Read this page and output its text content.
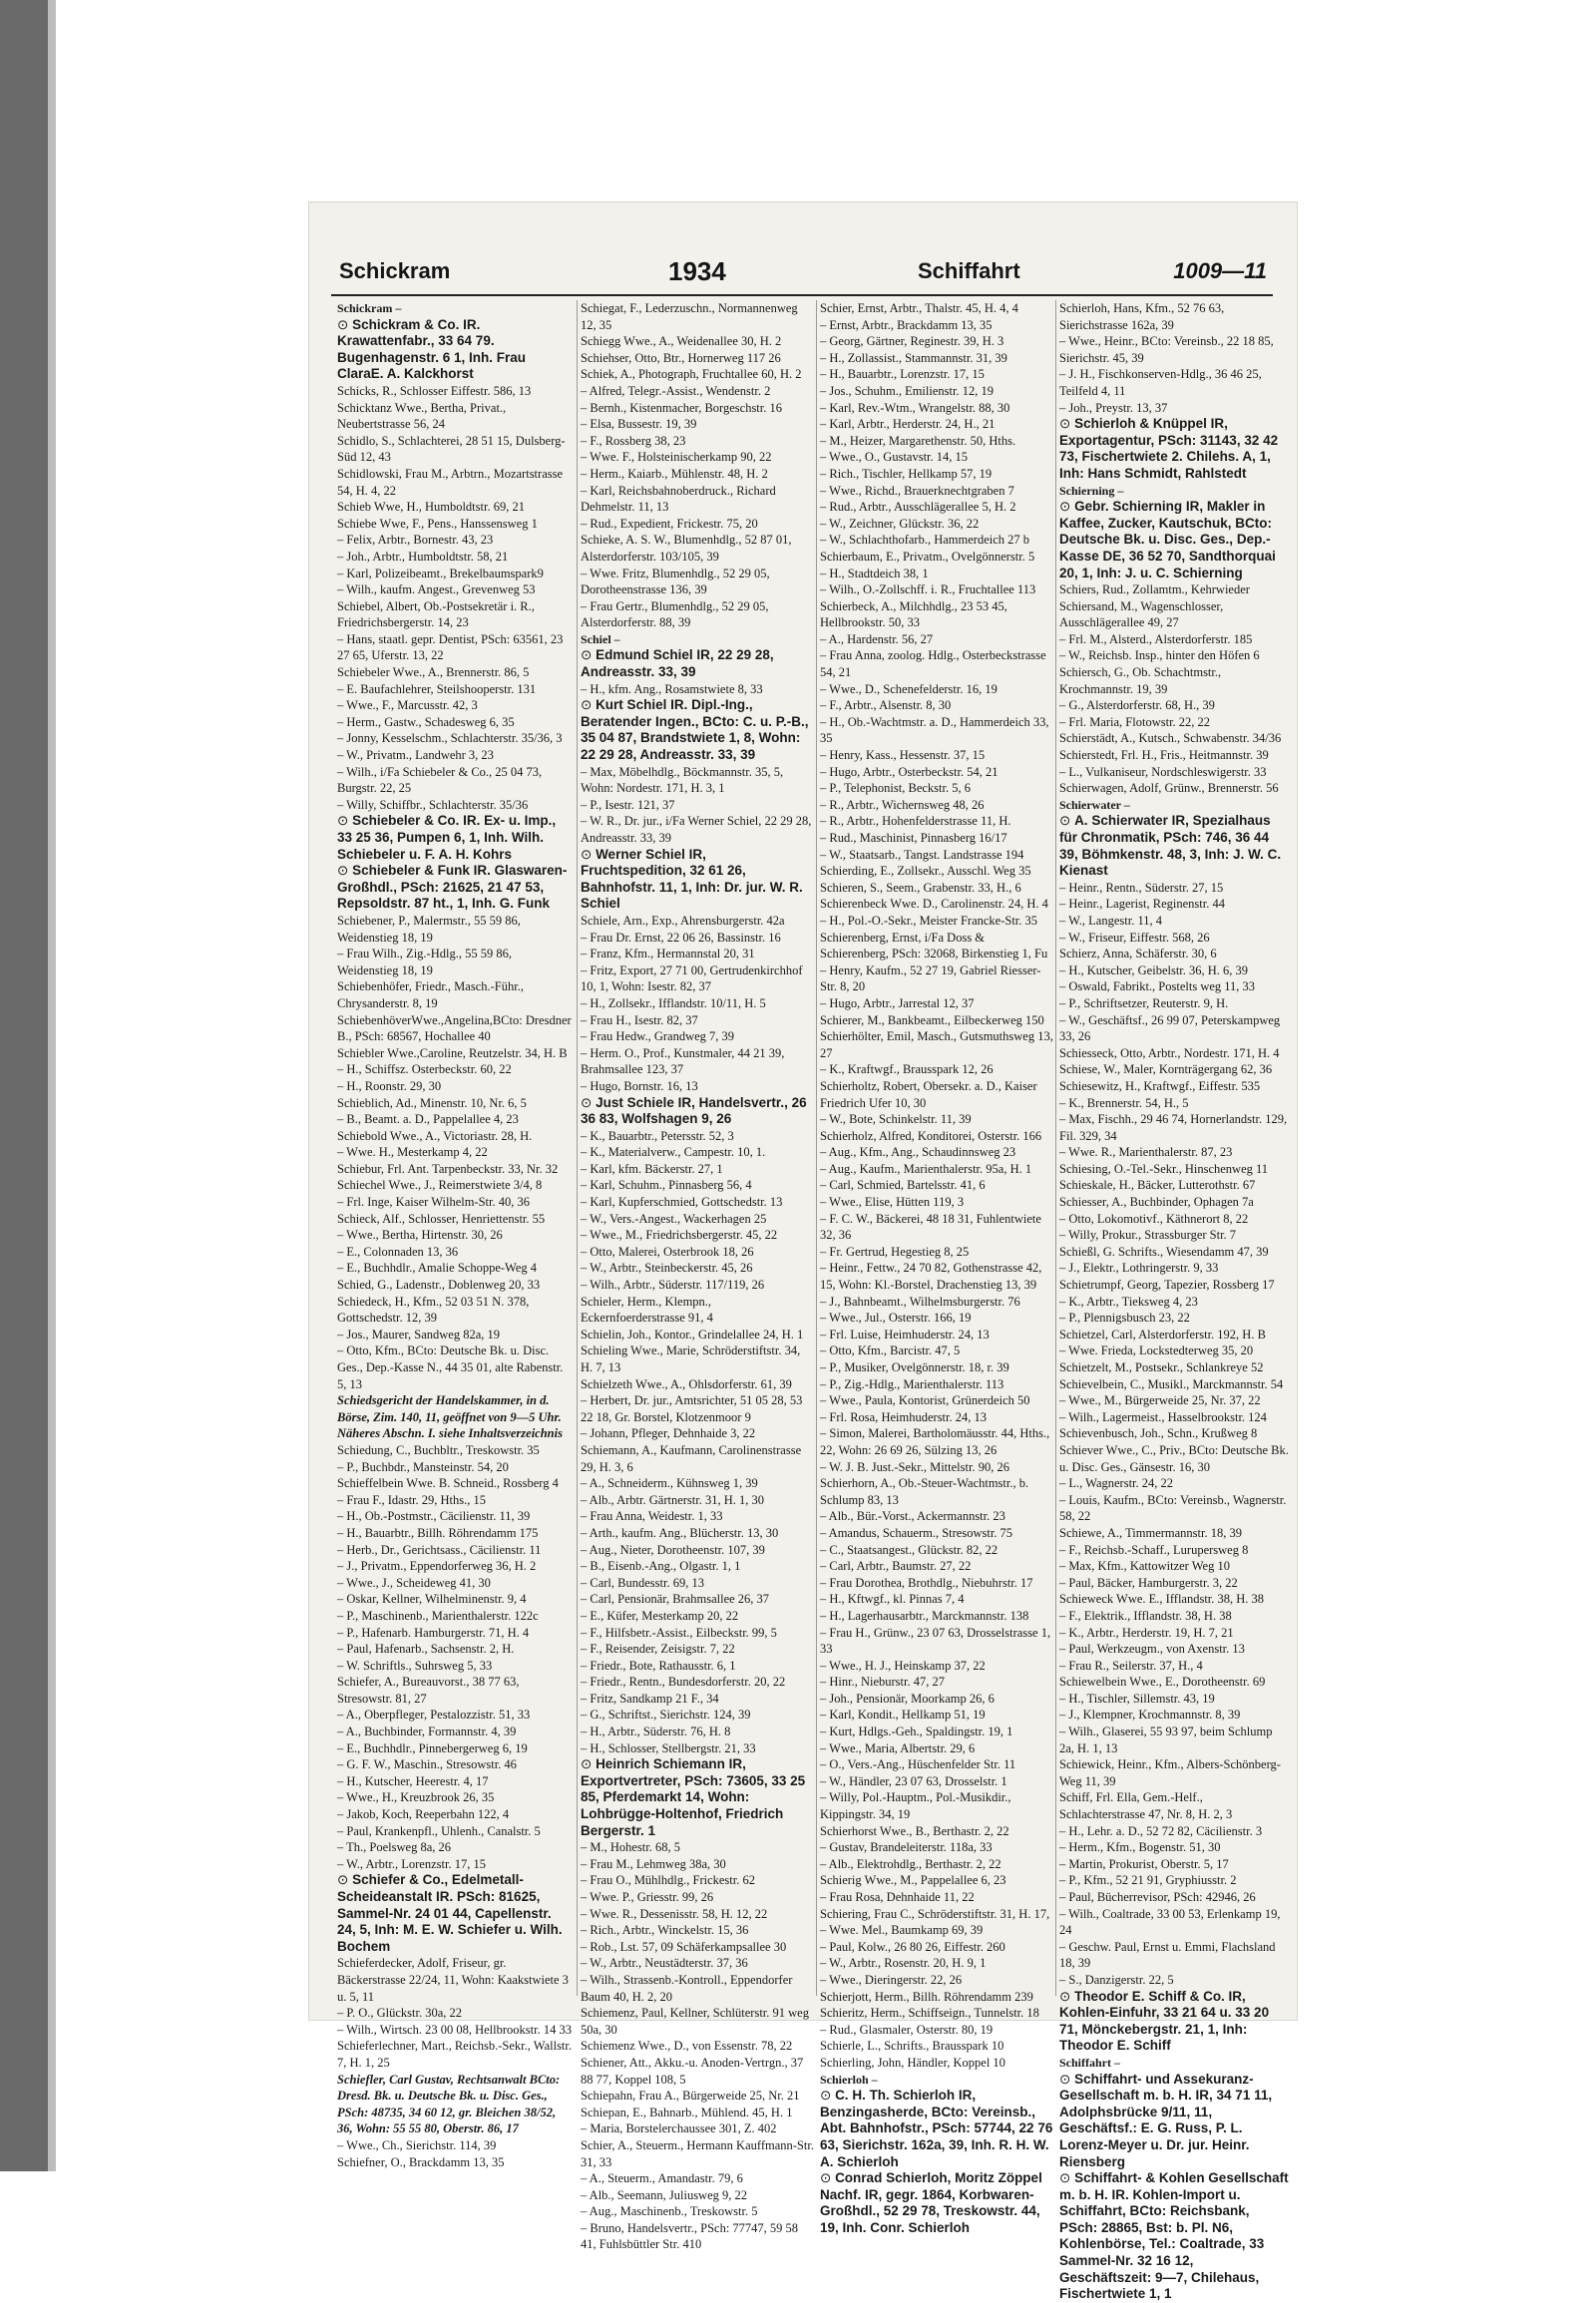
Schickram	1934	Schiffahrt	1009—11

Schickram –

⊙ Schickram & Co. IR. Krawattenfabr., 33 64 79. Bugenhagenstr. 6 1, Inh. Frau ClaraE. A. Kalckhorst

Schicks, R., Schlosser Eiffestr. 586, 13

Schicktanz Wwe., Bertha, Privat., Neubertstrasse 56, 24

Schidlo, S., Schlachterei, 28 51 15, Dulsberg-Süd 12, 43

Schidlowski, Frau M., Arbtrn., Mozartstrasse 54, H. 4, 22

Schieb Wwe, H., Humboldtstr. 69, 21

Schiebe Wwe, F., Pens., Hanssensweg 1

– Felix, Arbtr., Bornestr. 43, 23

– Joh., Arbtr., Humboldtstr. 58, 21

– Karl, Polizeibeamt., Brekelbaumspark9

– Wilh., kaufm. Angest., Grevenweg 53

Schiebel, Albert, Ob.-Postsekretär i. R., Friedrichsbergerstr. 14, 23

– Hans, staatl. gepr. Dentist, PSch: 63561, 23 27 65, Uferstr. 13, 22

Schiebeler Wwe., A., Brennerstr. 86, 5

– E. Baufachlehrer, Steilshooperstr. 131

– Wwe., F., Marcusstr. 42, 3

– Herm., Gastw., Schadesweg 6, 35

– Jonny, Kesselschm., Schlachterstr. 35/36, 3

– W., Privatm., Landwehr 3, 23

– Wilh., i/Fa Schiebeler & Co., 25 04 73, Burgstr. 22, 25

– Willy, Schiffbr., Schlachterstr. 35/36

⊙ Schiebeler & Co. IR. Ex- u. Imp., 33 25 36, Pumpen 6, 1, Inh. Wilh. Schiebeler u. F. A. H. Kohrs

⊙ Schiebeler & Funk IR. Glaswaren-Großhdl., PSch: 21625, 21 47 53, Repsoldstr. 87 ht., 1, Inh. G. Funk

Schiebener, P., Malermstr., 55 59 86, Weidenstieg 18, 19

– Frau Wilh., Zig.-Hdlg., 55 59 86, Weidenstieg 18, 19

Schiebenhöfer, Friedr., Masch.-Führ., Chrysanderstr. 8, 19

SchiebenhöverWwe.,Angelina,BCto: Dresdner B., PSch: 68567, Hochallee 40

Schiebler Wwe.,Caroline, Reutzelstr. 34, H. B

– H., Schiffsz. Osterbeckstr. 60, 22

– H., Roonstr. 29, 30

Schieblich, Ad., Minenstr. 10, Nr. 6, 5

– B., Beamt. a. D., Pappelallee 4, 23

Schiebold Wwe., A., Victoriastr. 28, H.

– Wwe. H., Mesterkamp 4, 22

Schiebur, Frl. Ant. Tarpenbeckstr. 33, Nr. 32

Schiechel Wwe., J., Reimerstwiete 3/4, 8

– Frl. Inge, Kaiser Wilhelm-Str. 40, 36

Schieck, Alf., Schlosser, Henriettenstr. 55

– Wwe., Bertha, Hirtenstr. 30, 26

– E., Colonnaden 13, 36

– E., Buchhdlr., Amalie Schoppe-Weg 4

Schied, G., Ladenstr., Doblenweg 20, 33

Schiedeck, H., Kfm., 52 03 51 N. 378, Gottschedstr. 12, 39

– Jos., Maurer, Sandweg 82a, 19

– Otto, Kfm., BCto: Deutsche Bk. u. Disc. Ges., Dep.-Kasse N., 44 35 01, alte Rabenstr. 5, 13

Schiedsgericht der Handelskammer, in d. Börse, Zim. 140, 11, geöffnet von 9—5 Uhr. Näheres Abschn. I. siehe Inhaltsverzeichnis

Schiedung, C., Buchbltr., Treskowstr. 35

– P., Buchbdr., Mansteinstr. 54, 20

Schieffelbein Wwe. B. Schneid., Rossberg 4

– Frau F., Idastr. 29, Hths., 15

– H., Ob.-Postmstr., Cäcilienstr. 11, 39

– H., Bauarbtr., Billh. Röhrendamm 175

– Herb., Dr., Gerichtsass., Cäcilienstr. 11

– J., Privatm., Eppendorferweg 36, H. 2

– Wwe., J., Scheideweg 41, 30

– Oskar, Kellner, Wilhelminenstr. 9, 4

– P., Maschinenb., Marienthalerstr. 122c

– P., Hafenarb. Hamburgerstr. 71, H. 4

– Paul, Hafenarb., Sachsenstr. 2, H.

– W. Schriftls., Suhrsweg 5, 33

Schiefer, A., Bureauvorst., 38 77 63, Stresowstr. 81, 27

– A., Oberpfleger, Pestalozzistr. 51, 33

– A., Buchbinder, Formannstr. 4, 39

– E., Buchhdlr., Pinnebergerweg 6, 19

– G. F. W., Maschin., Stresowstr. 46

– H., Kutscher, Heerestr. 4, 17

– Wwe., H., Kreuzbrook 26, 35

– Jakob, Koch, Reeperbahn 122, 4

– Paul, Krankenpfl., Uhlenh., Canalstr. 5

– Th., Poelsweg 8a, 26

– W., Arbtr., Lorenzstr. 17, 15

⊙ Schiefer & Co., Edelmetall-Scheideanstalt IR. PSch: 81625, Sammel-Nr. 24 01 44, Capellenstr. 24, 5, Inh: M. E. W. Schiefer u. Wilh. Bochem

Schieferdecker, Adolf, Friseur, gr. Bäckerstrasse 22/24, 11, Wohn: Kaakstwiete 3 u. 5, 11

– P. O., Glückstr. 30a, 22

– Wilh., Wirtsch. 23 00 08, Hellbrookstr. 14 33

Schieferlechner, Mart., Reichsb.-Sekr., Wallstr. 7, H. 1, 25

Schiefler, Carl Gustav, Rechtsanwalt BCto: Dresd. Bk. u. Deutsche Bk. u. Disc. Ges., PSch: 48735, 34 60 12, gr. Bleichen 38/52, 36, Wohn: 55 55 80, Oberstr. 86, 17

– Wwe., Ch., Sierichstr. 114, 39

Schiefner, O., Brackdamm 13, 35

Schiegat, F., Lederzuschn., Normannenweg 12, 35

Schiegg Wwe., A., Weidenallee 30, H. 2

Schiehser, Otto, Btr., Hornerweg 117 26

Schiek, A., Photograph, Fruchtallee 60, H. 2

– Alfred, Telegr.-Assist., Wendenstr. 2

– Bernh., Kistenmacher, Borgeschstr. 16

– Elsa, Bussestr. 19, 39

– F., Rossberg 38, 23

– Wwe. F., Holsteinischerkamp 90, 22

– Herm., Kaiarb., Mühlenstr. 48, H. 2

– Karl, Reichsbahnoberdruck., Richard Dehmelstr. 11, 13

– Rud., Expedient, Frickestr. 75, 20

Schieke, A. S. W., Blumenhdlg., 52 87 01, Alsterdorferstr. 103/105, 39

– Wwe. Fritz, Blumenhdlg., 52 29 05, Dorotheenstrasse 136, 39

– Frau Gertr., Blumenhdlg., 52 29 05, Alsterdorferstr. 88, 39

Schiel –

⊙ Edmund Schiel IR, 22 29 28, Andreasstr. 33, 39

– H., kfm. Ang., Rosamstwiete 8, 33

⊙ Kurt Schiel IR. Dipl.-Ing., Beratender Ingen., BCto: C. u. P.-B., 35 04 87, Brandstwiete 1, 8, Wohn: 22 29 28, Andreasstr. 33, 39

– Max, Möbelhdlg., Böckmannstr. 35, 5, Wohn: Nordestr. 171, H. 3, 1

– P., Isestr. 121, 37

– W. R., Dr. jur., i/Fa Werner Schiel, 22 29 28, Andreasstr. 33, 39

⊙ Werner Schiel IR, Fruchtspedition, 32 61 26, Bahnhofstr. 11, 1, Inh: Dr. jur. W. R. Schiel

Schiele, Arn., Exp., Ahrensburgerstr. 42a

– Frau Dr. Ernst, 22 06 26, Bassinstr. 16

– Franz, Kfm., Hermannstal 20, 31

– Fritz, Export, 27 71 00, Gertrudenkirchhof 10, 1, Wohn: Isestr. 82, 37

– H., Zollsekr., Ifflandstr. 10/11, H. 5

– Frau H., Isestr. 82, 37

– Frau Hedw., Grandweg 7, 39

– Herm. O., Prof., Kunstmaler, 44 21 39, Brahmsallee 123, 37

– Hugo, Bornstr. 16, 13

⊙ Just Schiele IR, Handelsvertr., 26 36 83, Wolfshagen 9, 26

– K., Bauarbtr., Petersstr. 52, 3

– K., Materialverw., Campestr. 10, 1.

– Karl, kfm. Bäckerstr. 27, 1

– Karl, Schuhm., Pinnasberg 56, 4

– Karl, Kupferschmied, Gottschedstr. 13

– W., Vers.-Angest., Wackerhagen 25

– Wwe., M., Friedrichsbergerstr. 45, 22

– Otto, Malerei, Osterbrook 18, 26

– W., Arbtr., Steinbeckerstr. 45, 26

– Wilh., Arbtr., Süderstr. 117/119, 26

Schieler, Herm., Klempn., Eckernfoerderstrasse 91, 4

Schielin, Joh., Kontor., Grindelallee 24, H. 1

Schieling Wwe., Marie, Schröderstiftstr. 34, H. 7, 13

Schielzeth Wwe., A., Ohlsdorferstr. 61, 39

– Herbert, Dr. jur., Amtsrichter, 51 05 28, 53 22 18, Gr. Borstel, Klotzenmoor 9

– Johann, Pfleger, Dehnhaide 3, 22

Schiemann, A., Kaufmann, Carolinenstrasse 29, H. 3, 6

– A., Schneiderm., Kühnsweg 1, 39

– Alb., Arbtr. Gärtnerstr. 31, H. 1, 30

– Frau Anna, Weidestr. 1, 33

– Arth., kaufm. Ang., Blücherstr. 13, 30

– Aug., Nieter, Dorotheenstr. 107, 39

– B., Eisenb.-Ang., Olgastr. 1, 1

– Carl, Bundesstr. 69, 13

– Carl, Pensionär, Brahmsallee 26, 37

– E., Küfer, Mesterkamp 20, 22

– F., Hilfsbetr.-Assist., Eilbeckstr. 99, 5

– F., Reisender, Zeisigstr. 7, 22

– Friedr., Bote, Rathausstr. 6, 1

– Friedr., Rentn., Bundesdorferstr. 20, 22

– Fritz, Sandkamp 21 F., 34

– G., Schriftst., Sierichstr. 124, 39

– H., Arbtr., Süderstr. 76, H. 8

– H., Schlosser, Stellbergstr. 21, 33

⊙ Heinrich Schiemann IR, Exportvertreter, PSch: 73605, 33 25 85, Pferdemarkt 14, Wohn: Lohbrügge-Holtenhof, Friedrich Bergerstr. 1

– M., Hohestr. 68, 5

– Frau M., Lehmweg 38a, 30

– Frau O., Mühlhdlg., Frickestr. 62

– Wwe. P., Griesstr. 99, 26

– Wwe. R., Dessenisstr. 58, H. 12, 22

– Rich., Arbtr., Winckelstr. 15, 36

– Rob., Lst. 57, 09 Schäferkampsallee 30

– W., Arbtr., Neustädterstr. 37, 36

– Wilh., Strassenb.-Kontroll., Eppendorfer Baum 40, H. 2, 20

Schiemenz, Paul, Kellner, Schlüterstr. 91 weg 50a, 30

Schiemenz Wwe., D., von Essenstr. 78, 22

Schiener, Att., Akku.-u. Anoden-Vertrgn., 37 88 77, Koppel 108, 5

Schiepahn, Frau A., Bürgerweide 25, Nr. 21

Schiepan, E., Bahnarb., Mühlend. 45, H. 1

– Maria, Borstelerchaussee 301, Z. 402

Schier, A., Steuerm., Hermann Kauffmann-Str. 31, 33

– A., Steuerm., Amandastr. 79, 6

– Alb., Seemann, Juliusweg 9, 22

– Aug., Maschinenb., Treskowstr. 5

– Bruno, Handelsvertr., PSch: 77747, 59 58 41, Fuhlsbüttler Str. 410

Schier, Ernst, Arbtr., Thalstr. 45, H. 4, 4

– Ernst, Arbtr., Brackdamm 13, 35

– Georg, Gärtner, Reginestr. 39, H. 3

– H., Zollassist., Stammannstr. 31, 39

– H., Bauarbtr., Lorenzstr. 17, 15

– Jos., Schuhm., Emilienstr. 12, 19

– Karl, Rev.-Wtm., Wrangelstr. 88, 30

– Karl, Arbtr., Herderstr. 24, H., 21

– M., Heizer, Margarethenstr. 50, Hths.

– Wwe., O., Gustavstr. 14, 15

– Rich., Tischler, Hellkamp 57, 19

– Wwe., Richd., Brauerknechtgraben 7

– Rud., Arbtr., Ausschlägerallee 5, H. 2

– W., Zeichner, Glückstr. 36, 22

– W., Schlachthofarb., Hammerdeich 27 b

Schierbaum, E., Privatm., Ovelgönnerstr. 5

– H., Stadtdeich 38, 1

– Wilh., O.-Zollschff. i. R., Fruchtallee 113

Schierbeck, A., Milchhdlg., 23 53 45, Hellbrookstr. 50, 33

– A., Hardenstr. 56, 27

– Frau Anna, zoolog. Hdlg., Osterbeckstrasse 54, 21

– Wwe., D., Schenefelderstr. 16, 19

– F., Arbtr., Alsenstr. 8, 30

– H., Ob.-Wachtmstr. a. D., Hammerdeich 33, 35

– Henry, Kass., Hessenstr. 37, 15

– Hugo, Arbtr., Osterbeckstr. 54, 21

– P., Telephonist, Beckstr. 5, 6

– R., Arbtr., Wichernsweg 48, 26

– R., Arbtr., Hohenfelderstrasse 11, H.

– Rud., Maschinist, Pinnasberg 16/17

– W., Staatsarb., Tangst. Landstrasse 194

Schierding, E., Zollsekr., Ausschl. Weg 35

Schieren, S., Seem., Grabenstr. 33, H., 6

Schierenbeck Wwe. D., Carolinenstr. 24, H. 4

– H., Pol.-O.-Sekr., Meister Francke-Str. 35

Schierenberg, Ernst, i/Fa Doss & Schierenberg, PSch: 32068, Birkenstieg 1, Fu

– Henry, Kaufm., 52 27 19, Gabriel Riesser-Str. 8, 20

– Hugo, Arbtr., Jarrestal 12, 37

Schierer, M., Bankbeamt., Eilbeckerweg 150

Schierhölter, Emil, Masch., Gutsmuthsweg 13, 27

– K., Kraftwgf., Brausspark 12, 26

Schierholtz, Robert, Obersekr. a. D., Kaiser Friedrich Ufer 10, 30

– W., Bote, Schinkelstr. 11, 39

Schierholz, Alfred, Konditorei, Osterstr. 166

– Aug., Kfm., Ang., Schaudinnsweg 23

– Aug., Kaufm., Marienthalerstr. 95a, H. 1

– Carl, Schmied, Bartelsstr. 41, 6

– Wwe., Elise, Hütten 119, 3

– F. C. W., Bäckerei, 48 18 31, Fuhlentwiete 32, 36

– Fr. Gertrud, Hegestieg 8, 25

– Heinr., Fettw., 24 70 82, Gothenstrasse 42, 15, Wohn: Kl.-Borstel, Drachenstieg 13, 39

– J., Bahnbeamt., Wilhelmsburgerstr. 76

– Wwe., Jul., Osterstr. 166, 19

– Frl. Luise, Heimhuderstr. 24, 13

– Otto, Kfm., Barcistr. 47, 5

– P., Musiker, Ovelgönnerstr. 18, r. 39

– P., Zig.-Hdlg., Marienthalerstr. 113

– Wwe., Paula, Kontorist, Grünerdeich 50

– Frl. Rosa, Heimhuderstr. 24, 13

– Simon, Malerei, Bartholomäusstr. 44, Hths., 22, Wohn: 26 69 26, Sülzing 13, 26

– W. J. B. Just.-Sekr., Mittelstr. 90, 26

Schierhorn, A., Ob.-Steuer-Wachtmstr., b. Schlump 83, 13

– Alb., Bür.-Vorst., Ackermannstr. 23

– Amandus, Schauerm., Stresowstr. 75

– C., Staatsangest., Glückstr. 82, 22

– Carl, Arbtr., Baumstr. 27, 22

– Frau Dorothea, Brothdlg., Niebuhrstr. 17

– H., Kftwgf., kl. Pinnas 7, 4

– H., Lagerhausarbtr., Marckmannstr. 138

– Frau H., Grünw., 23 07 63, Drosselstrasse 1, 33

– Wwe., H. J., Heinskamp 37, 22

– Hinr., Nieburstr. 47, 27

– Joh., Pensionär, Moorkamp 26, 6

– Karl, Kondit., Hellkamp 51, 19

– Kurt, Hdlgs.-Geh., Spaldingstr. 19, 1

– Wwe., Maria, Albertstr. 29, 6

– O., Vers.-Ang., Hüschenfelder Str. 11

– W., Händler, 23 07 63, Drosselstr. 1

– Willy, Pol.-Hauptm., Pol.-Musikdir., Kippingstr. 34, 19

Schierhorst Wwe., B., Berthastr. 2, 22

– Gustav, Brandeleiterstr. 118a, 33

– Alb., Elektrohdlg., Berthastr. 2, 22

Schierig Wwe., M., Pappelallee 6, 23

– Frau Rosa, Dehnhaide 11, 22

Schiering, Frau C., Schröderstiftstr. 31, H. 17,

– Wwe. Mel., Baumkamp 69, 39

– Paul, Kolw., 26 80 26, Eiffestr. 260

– W., Arbtr., Rosenstr. 20, H. 9, 1

– Wwe., Dieringerstr. 22, 26

Schierjott, Herm., Billh. Röhrendamm 239

Schieritz, Herm., Schiffseign., Tunnelstr. 18

– Rud., Glasmaler, Osterstr. 80, 19

Schierle, L., Schrifts., Brausspark 10

Schierling, John, Händler, Koppel 10

Schierloh –

⊙ C. H. Th. Schierloh IR, Benzingasherde, BCto: Vereinsb., Abt. Bahnhofstr., PSch: 57744, 22 76 63, Sierichstr. 162a, 39, Inh. R. H. W. A. Schierloh

⊙ Conrad Schierloh, Moritz Zöppel Nachf. IR, gegr. 1864, Korbwaren-Großhdl., 52 29 78, Treskowstr. 44, 19, Inh. Conr. Schierloh

Schierloh, Hans, Kfm., 52 76 63, Sierichstrasse 162a, 39

– Wwe., Heinr., BCto: Vereinsb., 22 18 85, Sierichstr. 45, 39

– J. H., Fischkonserven-Hdlg., 36 46 25, Teilfeld 4, 11

– Joh., Preystr. 13, 37

⊙ Schierloh & Knüppel IR, Exportagentur, PSch: 31143, 32 42 73, Fischertwiete 2. Chilehs. A, 1, Inh: Hans Schmidt, Rahlstedt

Schierning –

⊙ Gebr. Schierning IR, Makler in Kaffee, Zucker, Kautschuk, BCto: Deutsche Bk. u. Disc. Ges., Dep.-Kasse DE, 36 52 70, Sandthorquai 20, 1, Inh: J. u. C. Schierning

Schiers, Rud., Zollamtm., Kehrwieder

Schiersand, M., Wagenschlosser, Ausschlägerallee 49, 27

– Frl. M., Alsterd., Alsterdorferstr. 185

– W., Reichsb. Insp., hinter den Höfen 6

Schiersch, G., Ob. Schachtmstr., Krochmannstr. 19, 39

– G., Alsterdorferstr. 68, H., 39

– Frl. Maria, Flotowstr. 22, 22

Schierstädt, A., Kutsch., Schwabenstr. 34/36

Schierstedt, Frl. H., Fris., Heitmannstr. 39

– L., Vulkaniseur, Nordschleswigerstr. 33

Schierwagen, Adolf, Grünw., Brennerstr. 56

Schierwater –

⊙ A. Schierwater IR, Spezialhaus für Chronmatik, PSch: 746, 36 44 39, Böhmkenstr. 48, 3, Inh: J. W. C. Kienast

– Heinr., Rentn., Süderstr. 27, 15

– Heinr., Lagerist, Reginenstr. 44

– W., Langestr. 11, 4

– W., Friseur, Eiffestr. 568, 26

Schierz, Anna, Schäferstr. 30, 6

– H., Kutscher, Geibelstr. 36, H. 6, 39

– Oswald, Fabrikt., Postelts weg 11, 33

– P., Schriftsetzer, Reuterstr. 9, H.

– W., Geschäftsf., 26 99 07, Peterskampweg 33, 26

Schiesseck, Otto, Arbtr., Nordestr. 171, H. 4

Schiese, W., Maler, Kornträgergang 62, 36

Schiesewitz, H., Kraftwgf., Eiffestr. 535

– K., Brennerstr. 54, H., 5

– Max, Fischh., 29 46 74, Hornerlandstr. 129, Fil. 329, 34

– Wwe. R., Marienthalerstr. 87, 23

Schiesing, O.-Tel.-Sekr., Hinschenweg 11

Schieskale, H., Bäcker, Lutterothstr. 67

Schiesser, A., Buchbinder, Ophagen 7a

– Otto, Lokomotivf., Käthnerort 8, 22

– Willy, Prokur., Strassburger Str. 7

Schießl, G. Schrifts., Wiesendamm 47, 39

– J., Elektr., Lothringerstr. 9, 33

Schietrumpf, Georg, Tapezier, Rossberg 17

– K., Arbtr., Tieksweg 4, 23

– P., Plennigsbusch 23, 22

Schietzel, Carl, Alsterdorferstr. 192, H. B

– Wwe. Frieda, Lockstedterweg 35, 20

Schietzelt, M., Postsekr., Schlankreye 52

Schievelbein, C., Musikl., Marckmannstr. 54

– Wwe., M., Bürgerweide 25, Nr. 37, 22

– Wilh., Lagermeist., Hasselbrookstr. 124

Schievenbusch, Joh., Schn., Krußweg 8

Schiever Wwe., C., Priv., BCto: Deutsche Bk. u. Disc. Ges., Gänsestr. 16, 30

– L., Wagnerstr. 24, 22

– Louis, Kaufm., BCto: Vereinsb., Wagnerstr. 58, 22

Schiewe, A., Timmermannstr. 18, 39

– F., Reichsb.-Schaff., Lurupersweg 8

– Max, Kfm., Kattowitzer Weg 10

– Paul, Bäcker, Hamburgerstr. 3, 22

Schieweck Wwe. E., Ifflandstr. 38, H. 38

– F., Elektrik., Ifflandstr. 38, H. 38

– K., Arbtr., Herderstr. 19, H. 7, 21

– Paul, Werkzeugm., von Axenstr. 13

– Frau R., Seilerstr. 37, H., 4

Schiewelbein Wwe., E., Dorotheenstr. 69

– H., Tischler, Sillemstr. 43, 19

– J., Klempner, Krochmannstr. 8, 39

– Wilh., Glaserei, 55 93 97, beim Schlump 2a, H. 1, 13

Schiewick, Heinr., Kfm., Albers-Schönberg-Weg 11, 39

Schiff, Frl. Ella, Gem.-Helf., Schlachterstrasse 47, Nr. 8, H. 2, 3

– H., Lehr. a. D., 52 72 82, Cäcilienstr. 3

– Herm., Kfm., Bogenstr. 51, 30

– Martin, Prokurist, Oberstr. 5, 17

– P., Kfm., 52 21 91, Gryphiusstr. 2

– Paul, Bücherrevisor, PSch: 42946, 26

– Wilh., Coaltrade, 33 00 53, Erlenkamp 19, 24

– Geschw. Paul, Ernst u. Emmi, Flachsland 18, 39

– S., Danzigerstr. 22, 5

⊙ Theodor E. Schiff & Co. IR, Kohlen-Einfuhr, 33 21 64 u. 33 20 71, Mönckebergstr. 21, 1, Inh: Theodor E. Schiff

Schiffahrt –

⊙ Schiffahrt- und Assekuranz-Gesellschaft m. b. H. IR, 34 71 11, Adolphsbrücke 9/11, 11, Geschäftsf.: E. G. Russ, P. L. Lorenz-Meyer u. Dr. jur. Heinr. Riensberg

⊙ Schiffahrt- & Kohlen Gesellschaft m. b. H. IR. Kohlen-Import u. Schiffahrt, BCto: Reichsbank, PSch: 28865, Bst: b. Pl. N6, Kohlenbörse, Tel.: Coaltrade, 33 Sammel-Nr. 32 16 12, Geschäftszeit: 9—7, Chilehaus, Fischertwiete 1, 1
